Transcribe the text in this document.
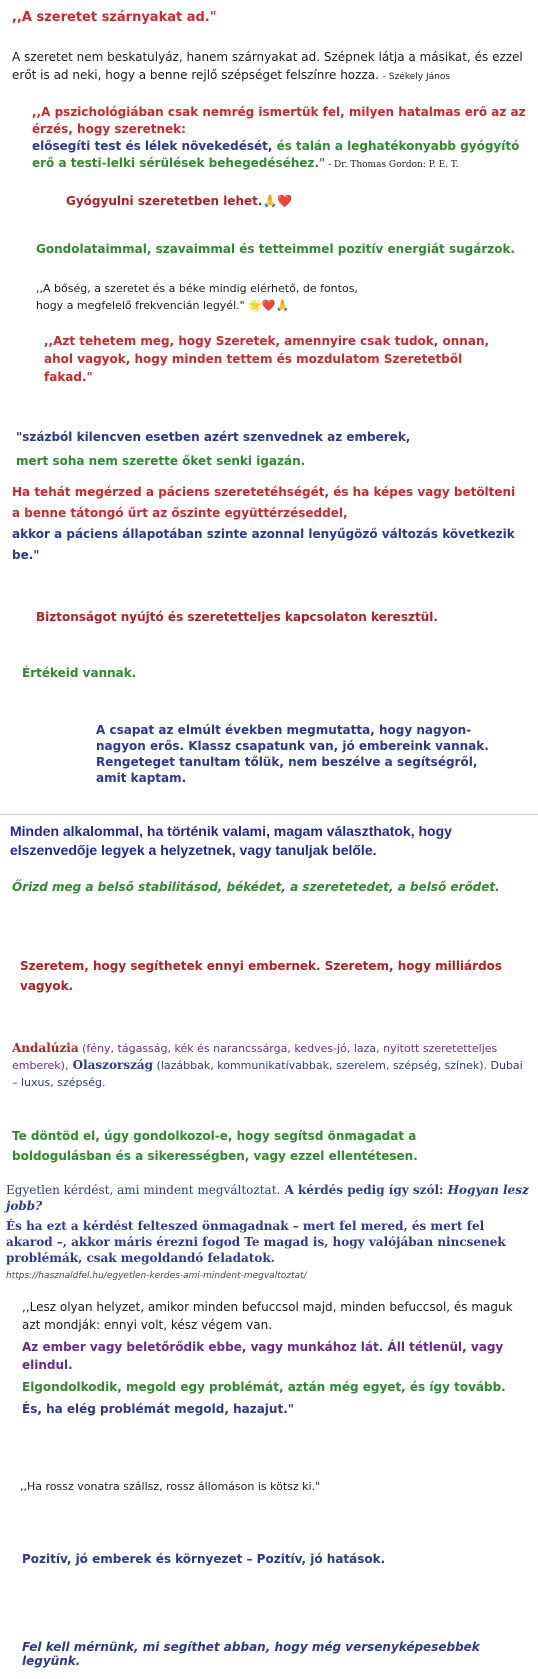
,,A szeretet szárnyakat ad."
A szeretet nem beskatulyáz, hanem szárnyakat ad. Szépnek látja a másikat, és ezzel erőt is ad neki, hogy a benne rejlő szépséget felszínre hozza. - Székely János
,,A pszichológiában csak nemrég ismertük fel, milyen hatalmas erő az az érzés, hogy szeretnek:
elősegíti test és lélek növekedését, és talán a leghatékonyabb gyógyító erő a testi-lelki sérülések behegedéséhez." - Dr. Thomas Gordon: P. E. T.
Gyógyulni szeretetben lehet.🙏❤️
Gondolataimmal, szavaimmal és tetteimmel pozitív energiát sugárzok.
,,A bőség, a szeretet és a béke mindig elérhető, de fontos,
hogy a megfelelő frekvencián legyél." 🌟❤️🙏
,,Azt tehetem meg, hogy Szeretek, amennyire csak tudok, onnan, ahol vagyok, hogy minden tettem és mozdulatom Szeretetből fakad."
"százból kilencven esetben azért szenvednek az emberek,
mert soha nem szerette őket senki igazán.
Ha tehát megérzed a páciens szeretetéhségét, és ha képes vagy betölteni a benne tátongó űrt az őszinte együttérzéseddel,
akkor a páciens állapotában szinte azonnal lenyűgöző változás következik be."
Biztonságot nyújtó és szeretetteljes kapcsolaton keresztül.
Értékeid vannak.
A csapat az elmúlt években megmutatta, hogy nagyon-nagyon erős. Klassz csapatunk van, jó embereink vannak.
Rengeteget tanultam tőlük, nem beszélve a segítségről, amit kaptam.
Minden alkalommal, ha történik valami, magam választhatok, hogy elszenvedője legyek a helyzetnek, vagy tanuljak belőle.
Őrizd meg a belső stabilitásod, békédet, a szeretetedet, a belső erődet.
Szeretem, hogy segíthetek ennyi embernek. Szeretem, hogy milliárdos vagyok.
Andalúzia (fény, tágasság, kék és narancssárga, kedves-jó, laza, nyitott szeretetteljes emberek), Olaszország (lazábbak, kommunikatívabbak, szerelem, szépség, színek). Dubai – luxus, szépség.
Te döntöd el, úgy gondolkozol-e, hogy segítsd önmagadat a boldogulásban és a sikerességben, vagy ezzel ellentétesen.
Egyetlen kérdést, ami mindent megváltoztat. A kérdés pedig így szól: Hogyan lesz jobb?

És ha ezt a kérdést felteszed önmagadnak – mert fel mered, és mert fel akarod –, akkor máris érezni fogod Te magad is, hogy valójában nincsenek problémák, csak megoldandó feladatok.
https://hasznaldfel.hu/egyetlen-kerdes-ami-mindent-megvaltoztat/
,,Lesz olyan helyzet, amikor minden befuccsol majd, minden befuccsol, és maguk azt mondják: ennyi volt, kész végem van.

Az ember vagy beletőrődik ebbe, vagy munkához lát. Áll tétlenül, vagy elindul.
Elgondolkodik, megold egy problémát, aztán még egyet, és így tovább.
És, ha elég problémát megold, hazajut."
,,Ha rossz vonatra szállsz, rossz állomáson is kötsz ki."
Pozitív, jó emberek és környezet – Pozitív, jó hatások.
Fel kell mérnünk, mi segíthet abban, hogy még versenyképesebbek legyünk.
